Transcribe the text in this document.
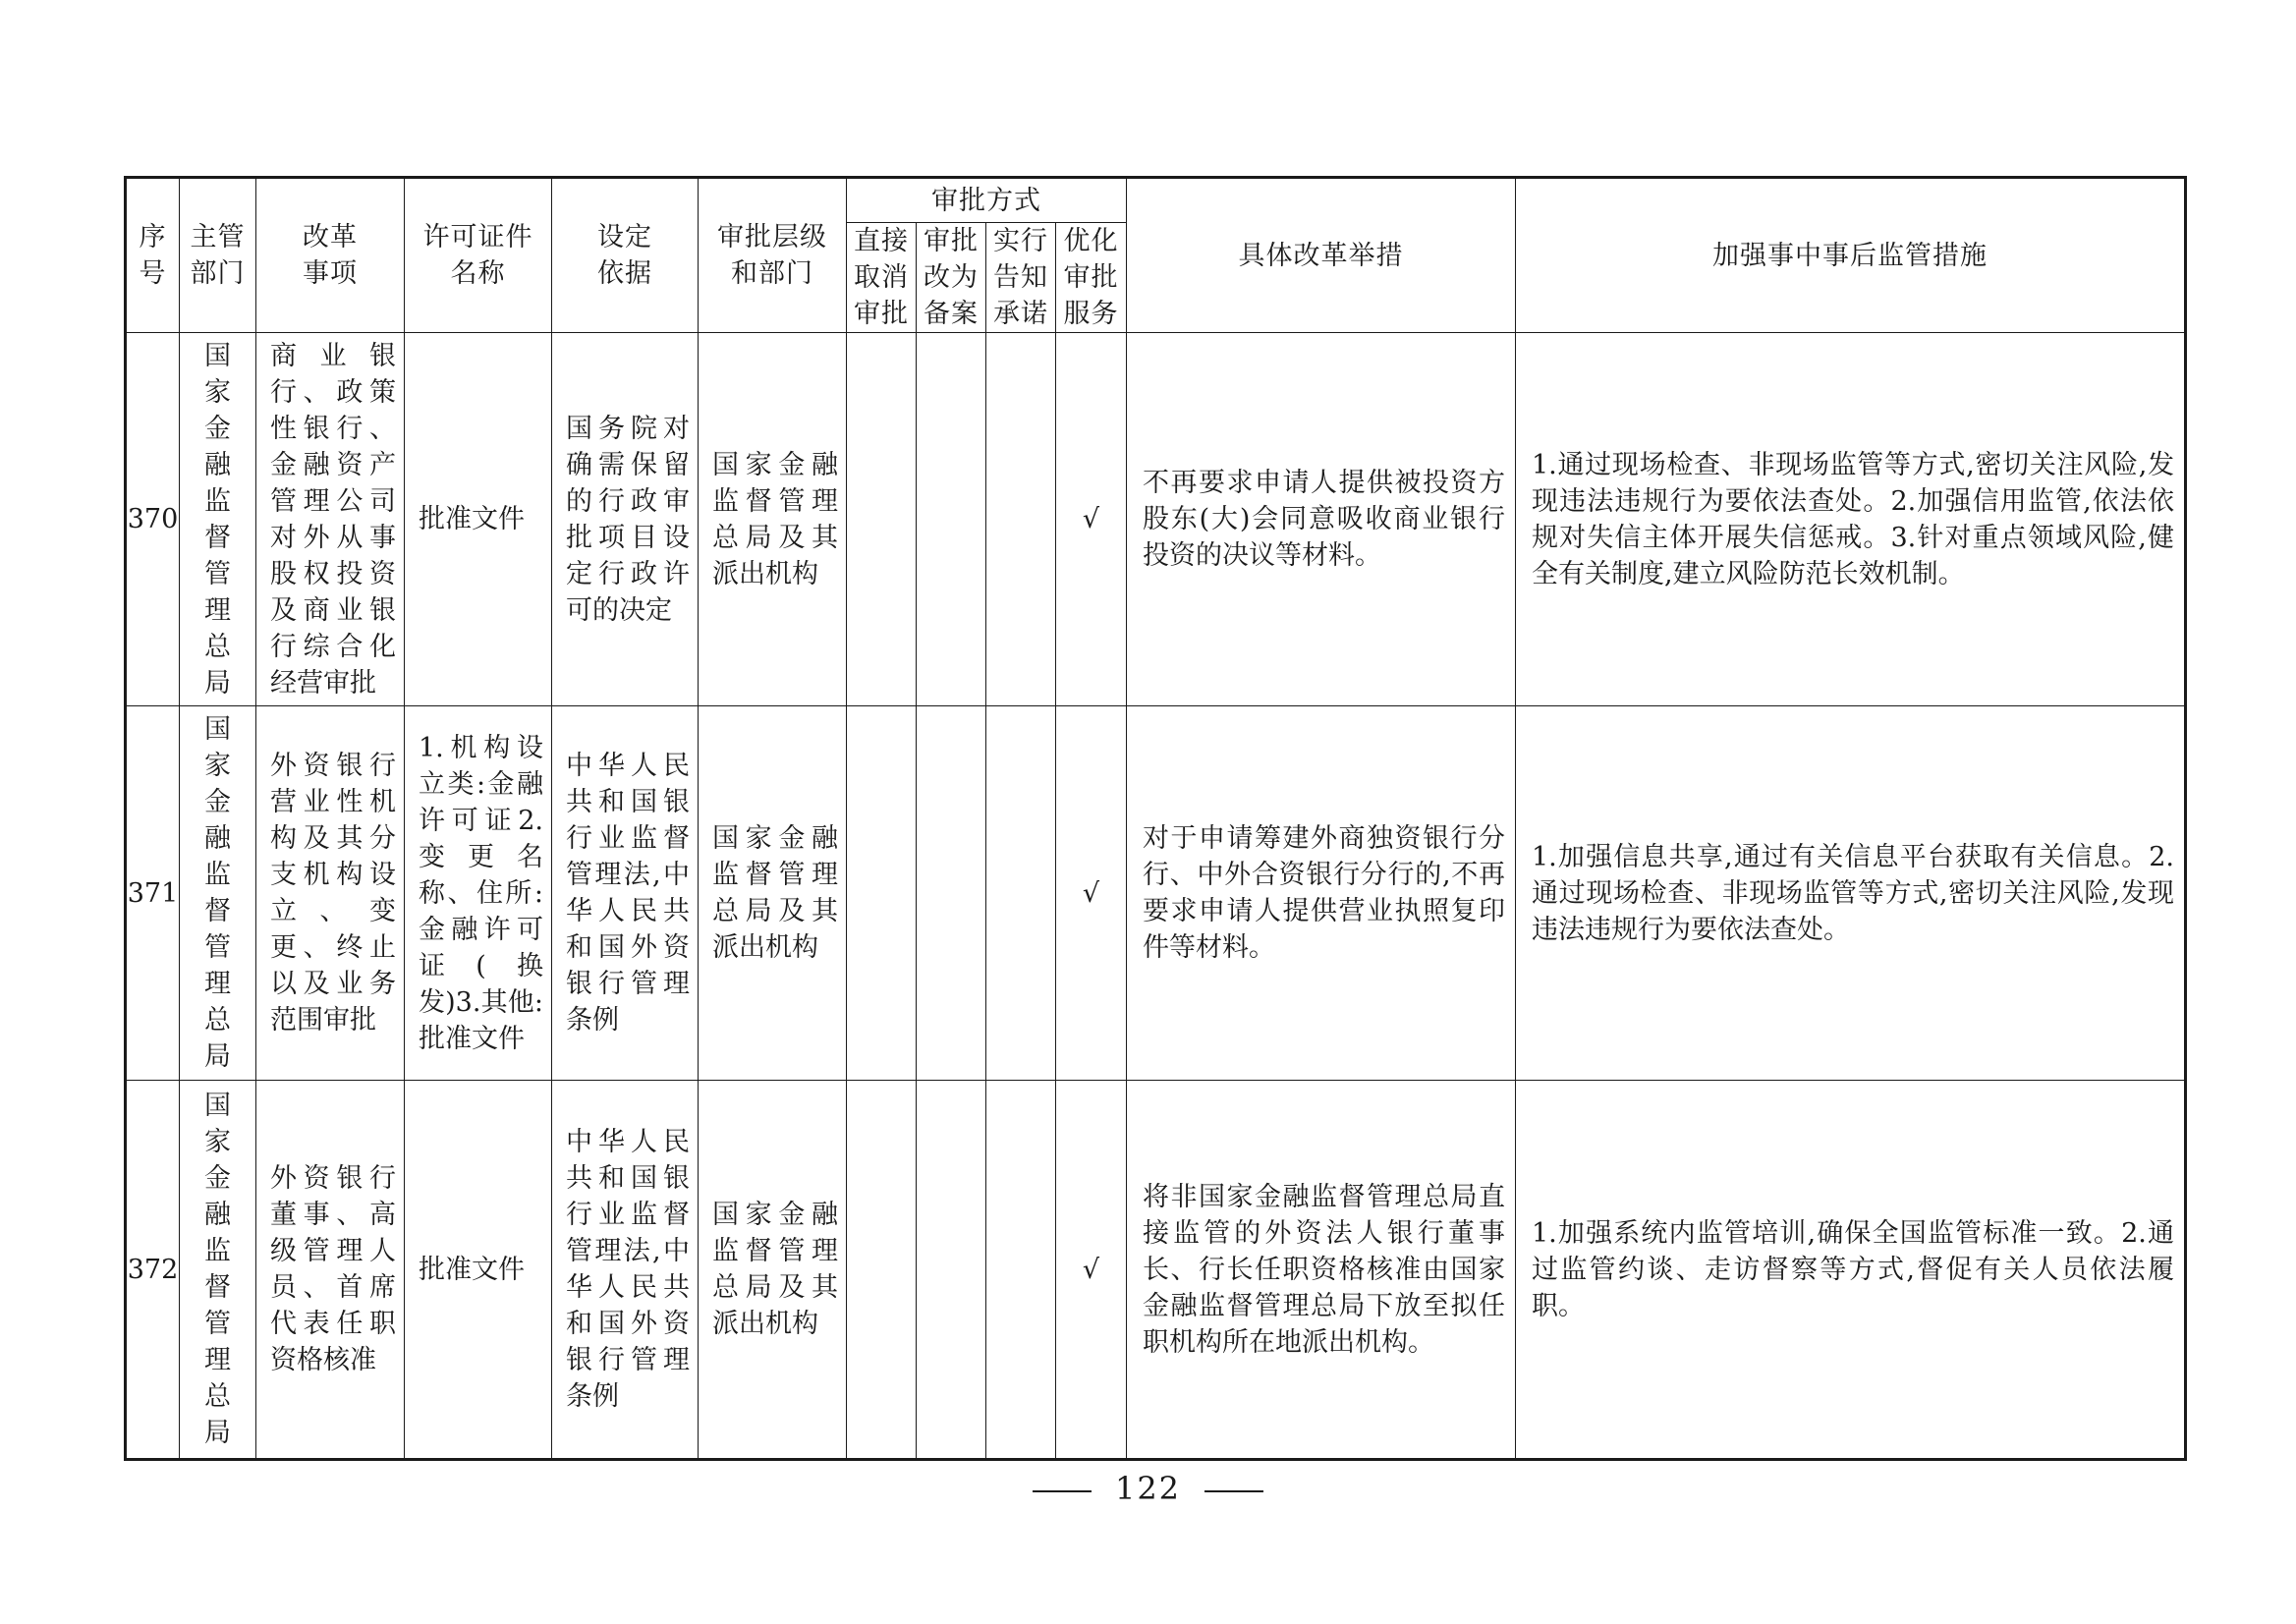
序号	主管部门	改革事项	许可证件名称	设定依据	审批层级和部门	审批方式				具体改革举措	加强事中事后监管措施
						直接取消审批	审批改为备案	实行告知承诺	优化审批服务		
370	国家金融监督管理总局	商业银行、政策性银行、金融资产管理公司对外从事股权投资及商业银行综合化经营审批	批准文件	国务院对确需保留的行政审批项目设定行政许可的决定	国家金融监督管理总局及其派出机构				√	不再要求申请人提供被投资方股东(大)会同意吸收商业银行投资的决议等材料。	1.通过现场检查、非现场监管等方式,密切关注风险,发现违法违规行为要依法查处。2.加强信用监管,依法依规对失信主体开展失信惩戒。3.针对重点领域风险,健全有关制度,建立风险防范长效机制。
371	国家金融监督管理总局	外资银行营业性机构及其分支机构设立、变更、终止以及业务范围审批	1.机构设立类:金融许可证2.变更名称、住所:金融许可证(换发)3.其他:批准文件	中华人民共和国银行业监督管理法,中华人民共和国外资银行管理条例	国家金融监督管理总局及其派出机构				√	对于申请筹建外商独资银行分行、中外合资银行分行的,不再要求申请人提供营业执照复印件等材料。	1.加强信息共享,通过有关信息平台获取有关信息。2.通过现场检查、非现场监管等方式,密切关注风险,发现违法违规行为要依法查处。
372	国家金融监督管理总局	外资银行董事、高级管理人员、首席代表任职资格核准	批准文件	中华人民共和国银行业监督管理法,中华人民共和国外资银行管理条例	国家金融监督管理总局及其派出机构				√	将非国家金融监督管理总局直接监管的外资法人银行董事长、行长任职资格核准由国家金融监督管理总局下放至拟任职机构所在地派出机构。	1.加强系统内监管培训,确保全国监管标准一致。2.通过监管约谈、走访督察等方式,督促有关人员依法履职。
122
